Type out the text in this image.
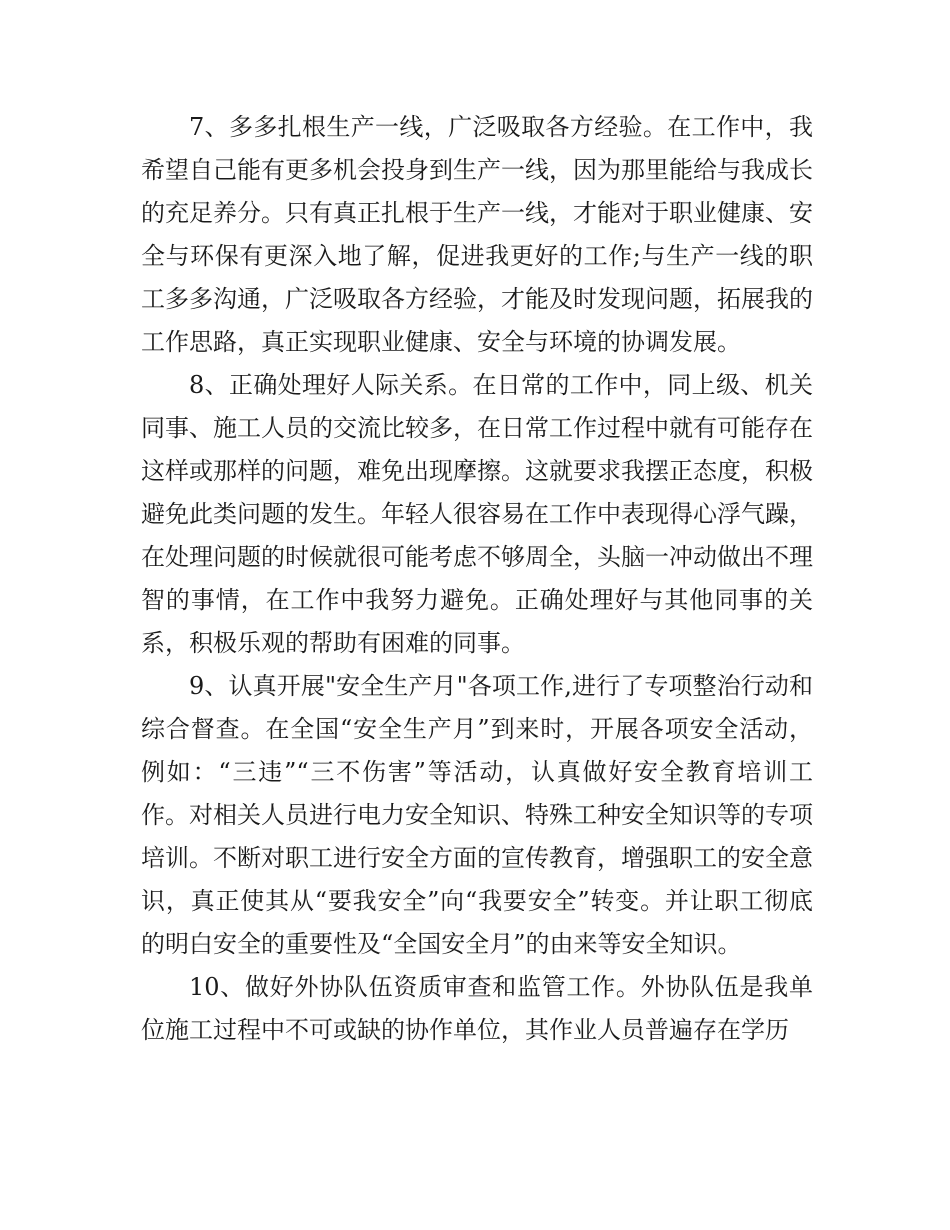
7、多多扎根生产一线，广泛吸取各方经验。在工作中，我希望自己能有更多机会投身到生产一线，因为那里能给与我成长的充足养分。只有真正扎根于生产一线，才能对于职业健康、安全与环保有更深入地了解，促进我更好的工作;与生产一线的职工多多沟通，广泛吸取各方经验，才能及时发现问题，拓展我的工作思路，真正实现职业健康、安全与环境的协调发展。

8、正确处理好人际关系。在日常的工作中，同上级、机关同事、施工人员的交流比较多，在日常工作过程中就有可能存在这样或那样的问题，难免出现摩擦。这就要求我摆正态度，积极避免此类问题的发生。年轻人很容易在工作中表现得心浮气躁，在处理问题的时候就很可能考虑不够周全，头脑一冲动做出不理智的事情，在工作中我努力避免。正确处理好与其他同事的关系，积极乐观的帮助有困难的同事。

9、认真开展"安全生产月"各项工作,进行了专项整治行动和综合督查。在全国“安全生产月”到来时，开展各项安全活动，例如：“三违”“三不伤害”等活动，认真做好安全教育培训工作。对相关人员进行电力安全知识、特殊工种安全知识等的专项培训。不断对职工进行安全方面的宣传教育，增强职工的安全意识，真正使其从“要我安全”向“我要安全”转变。并让职工彻底的明白安全的重要性及“全国安全月”的由来等安全知识。

10、做好外协队伍资质审查和监管工作。外协队伍是我单位施工过程中不可或缺的协作单位，其作业人员普遍存在学历
